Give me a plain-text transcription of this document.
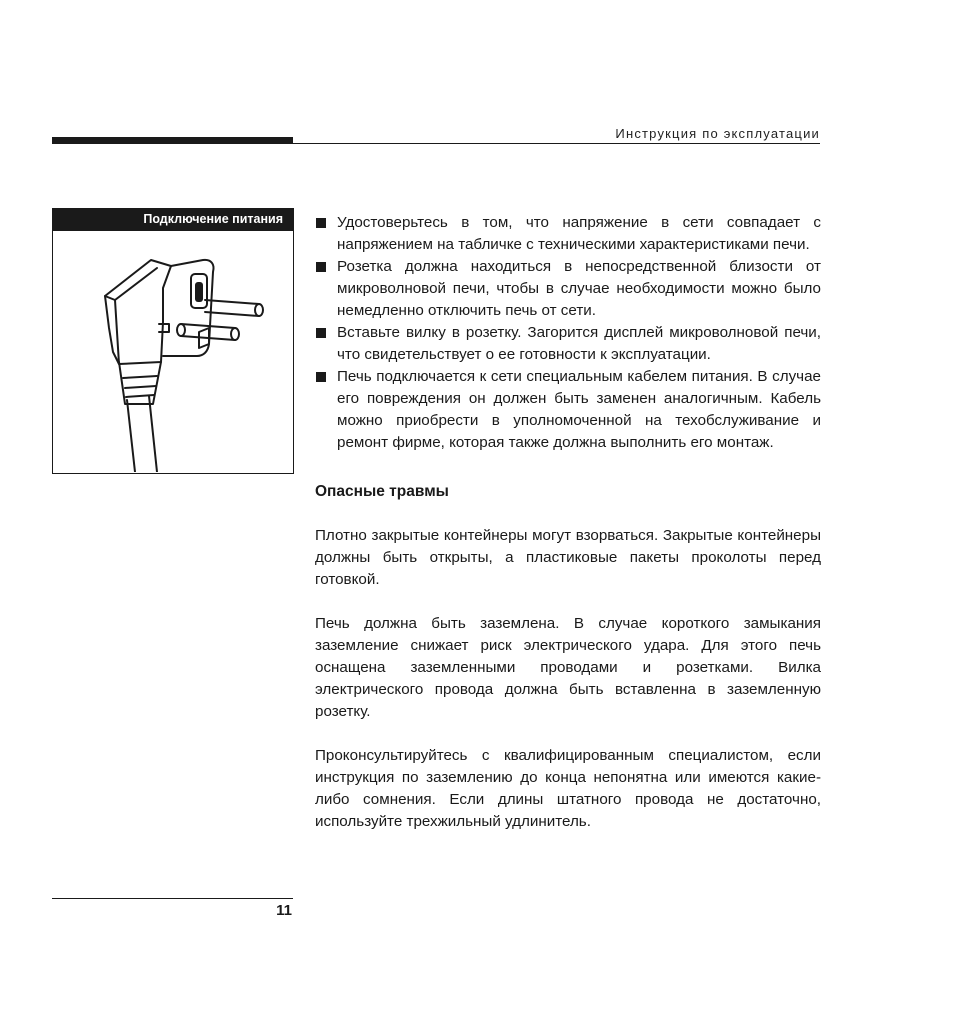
Инструкция по эксплуатации
Подключение питания	Удостоверьтесь в том, что напряжение в сети совпадает с напряжением на табличке с техническими характеристиками печи.
Розетка должна находиться в непосредственной близости от микроволновой печи, чтобы в случае необходимости можно было немедленно отключить печь от сети.
Вставьте вилку в розетку. Загорится дисплей микроволновой печи, что свидетельствует о ее готовности к эксплуатации.
Печь подключается к сети специальным кабелем питания. В случае его повреждения он должен быть заменен аналогичным. Кабель можно приобрести в уполномоченной на техобслуживание и ремонт фирме, которая также должна выполнить его монтаж.
Опасные травмы

Плотно закрытые контейнеры могут взорваться. Закрытые контейнеры должны быть открыты, а пластиковые пакеты проколоты перед готовкой.

Печь должна быть заземлена. В случае короткого замыкания заземление снижает риск электрического удара. Для этого печь оснащена заземленными проводами и розетками. Вилка электрического провода должна быть вставленна в заземленную розетку.

Проконсультируйтесь с квалифицированным специалистом, если инструкция по заземлению до конца непонятна или имеются какие-либо сомнения. Если длины штатного провода не достаточно, используйте трехжильный удлинитель.

11
